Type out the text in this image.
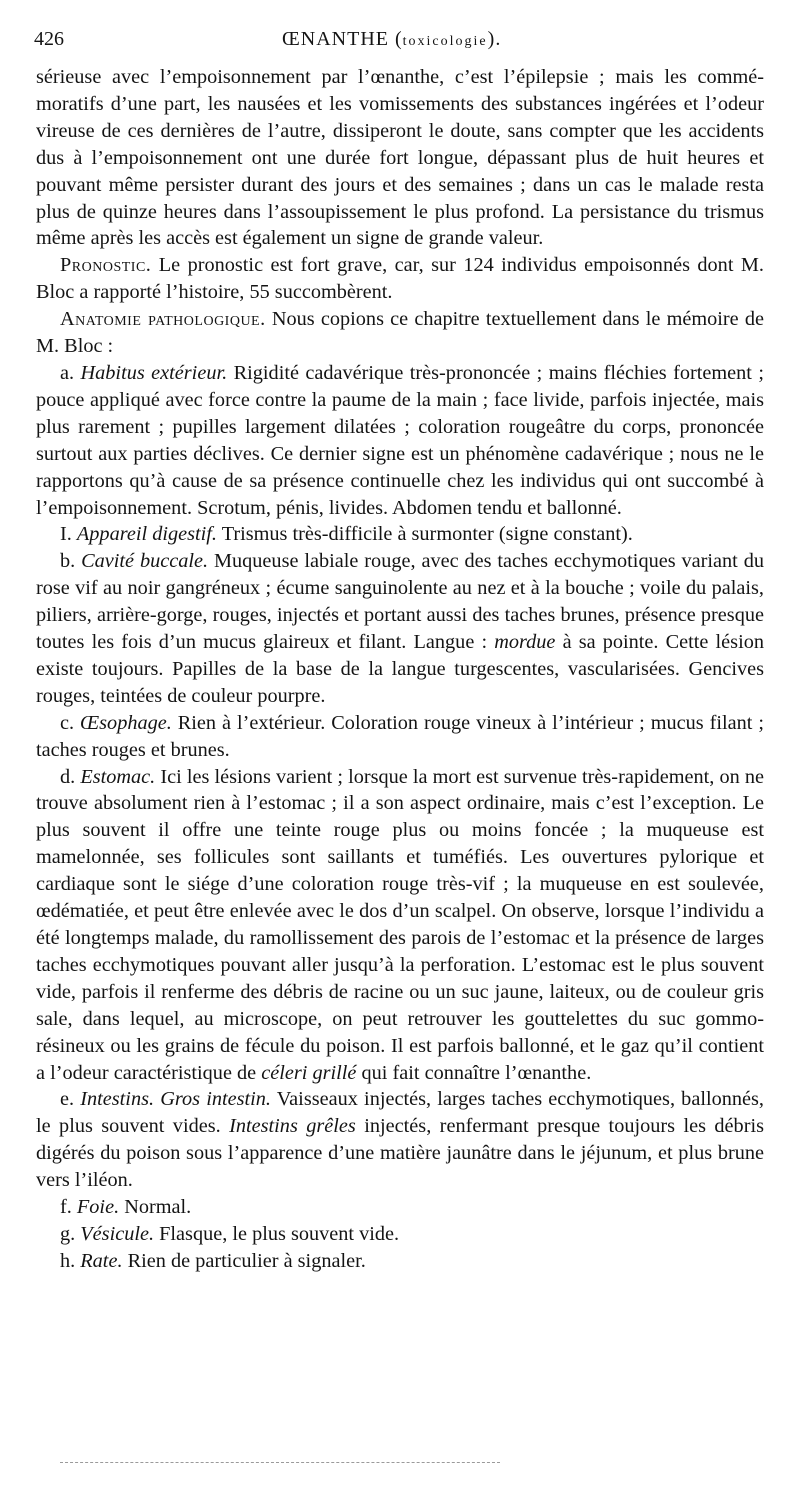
426	ŒNANTHE (toxicologie).

sérieuse avec l’empoisonnement par l’œnanthe, c’est l’épilepsie ; mais les commé-moratifs d’une part, les nausées et les vomissements des substances ingérées et l’odeur vireuse de ces dernières de l’autre, dissiperont le doute, sans compter que les accidents dus à l’empoisonnement ont une durée fort longue, dépassant plus de huit heures et pouvant même persister durant des jours et des semaines ; dans un cas le malade resta plus de quinze heures dans l’assoupissement le plus profond. La persistance du trismus même après les accès est également un signe de grande valeur.

Pronostic. Le pronostic est fort grave, car, sur 124 individus empoisonnés dont M. Bloc a rapporté l’histoire, 55 succombèrent.

Anatomie pathologique. Nous copions ce chapitre textuellement dans le mémoire de M. Bloc :

a. Habitus extérieur. Rigidité cadavérique très-prononcée ; mains fléchies fortement ; pouce appliqué avec force contre la paume de la main ; face livide, parfois injectée, mais plus rarement ; pupilles largement dilatées ; coloration rougeâtre du corps, prononcée surtout aux parties déclives. Ce dernier signe est un phénomène cadavérique ; nous ne le rapportons qu’à cause de sa présence continuelle chez les individus qui ont succombé à l’empoisonnement. Scrotum, pénis, livides. Abdomen tendu et ballonné.

I. Appareil digestif. Trismus très-difficile à surmonter (signe constant).

b. Cavité buccale. Muqueuse labiale rouge, avec des taches ecchymotiques variant du rose vif au noir gangréneux ; écume sanguinolente au nez et à la bouche ; voile du palais, piliers, arrière-gorge, rouges, injectés et portant aussi des taches brunes, présence presque toutes les fois d’un mucus glaireux et filant. Langue : mordue à sa pointe. Cette lésion existe toujours. Papilles de la base de la langue turgescentes, vascularisées. Gencives rouges, teintées de couleur pourpre.

c. Œsophage. Rien à l’extérieur. Coloration rouge vineux à l’intérieur ; mucus filant ; taches rouges et brunes.

d. Estomac. Ici les lésions varient ; lorsque la mort est survenue très-rapidement, on ne trouve absolument rien à l’estomac ; il a son aspect ordinaire, mais c’est l’exception. Le plus souvent il offre une teinte rouge plus ou moins foncée ; la muqueuse est mamelonnée, ses follicules sont saillants et tuméfiés. Les ouvertures pylorique et cardiaque sont le siége d’une coloration rouge très-vif ; la muqueuse en est soulevée, œdématiée, et peut être enlevée avec le dos d’un scalpel. On observe, lorsque l’individu a été longtemps malade, du ramollissement des parois de l’estomac et la présence de larges taches ecchymotiques pouvant aller jusqu’à la perforation. L’estomac est le plus souvent vide, parfois il renferme des débris de racine ou un suc jaune, laiteux, ou de couleur gris sale, dans lequel, au microscope, on peut retrouver les gouttelettes du suc gommo-résineux ou les grains de fécule du poison. Il est parfois ballonné, et le gaz qu’il contient a l’odeur caractéristique de céleri grillé qui fait connaître l’œnanthe.

e. Intestins. Gros intestin. Vaisseaux injectés, larges taches ecchymotiques, ballonnés, le plus souvent vides. Intestins grêles injectés, renfermant presque toujours les débris digérés du poison sous l’apparence d’une matière jaunâtre dans le jéjunum, et plus brune vers l’iléon.

f. Foie. Normal.

g. Vésicule. Flasque, le plus souvent vide.

h. Rate. Rien de particulier à signaler.
